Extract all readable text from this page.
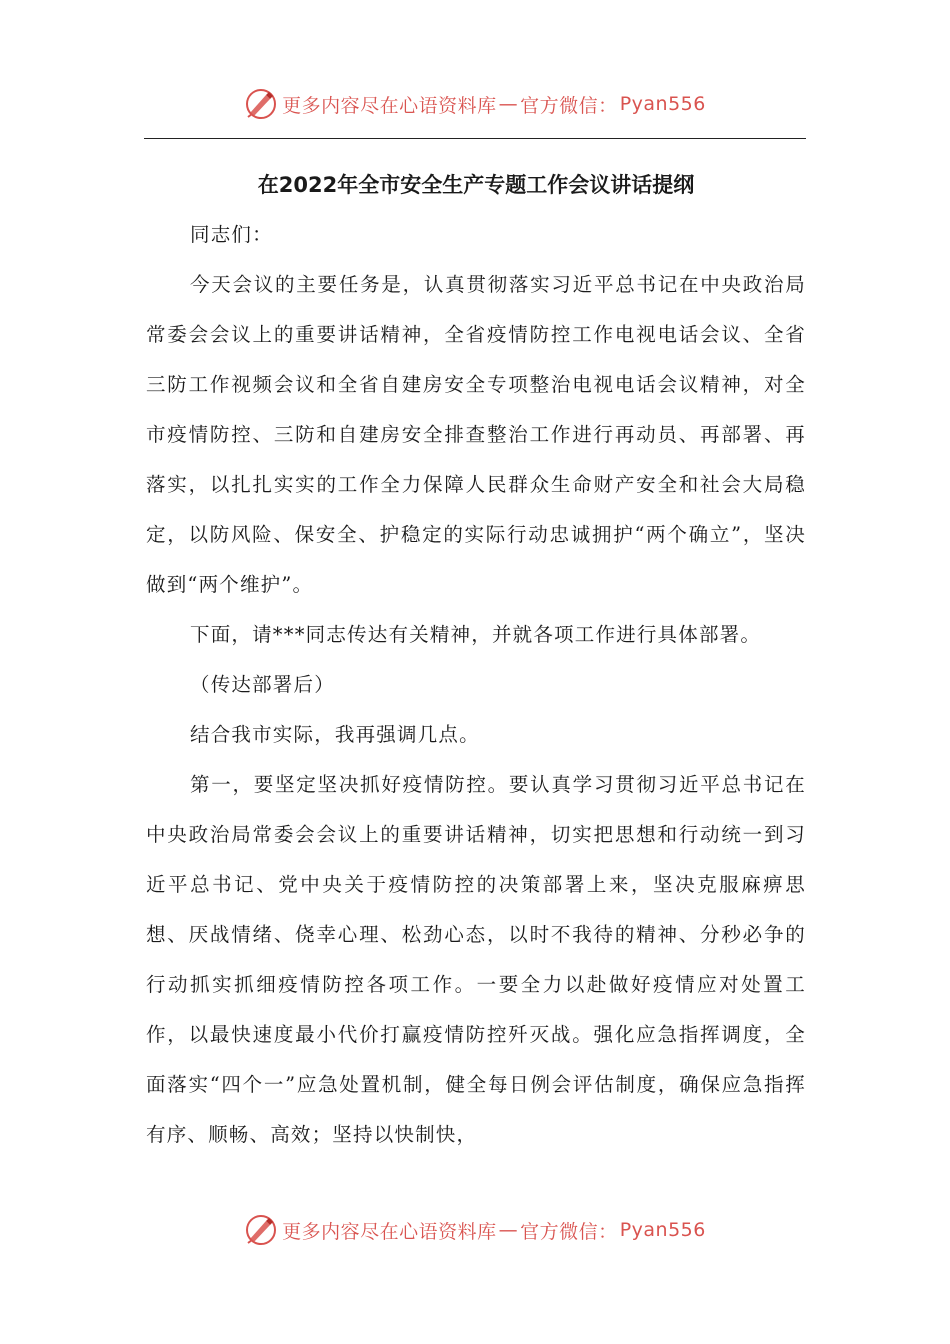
更多内容尽在心语资料库 — 官方微信： Pyan556
在2022年全市安全生产专题工作会议讲话提纲

同志们：

今天会议的主要任务是，认真贯彻落实习近平总书记在中央政治局常委会会议上的重要讲话精神，全省疫情防控工作电视电话会议、全省三防工作视频会议和全省自建房安全专项整治电视电话会议精神，对全市疫情防控、三防和自建房安全排查整治工作进行再动员、再部署、再落实，以扎扎实实的工作全力保障人民群众生命财产安全和社会大局稳定，以防风险、保安全、护稳定的实际行动忠诚拥护“两个确立”，坚决做到“两个维护”。

下面，请***同志传达有关精神，并就各项工作进行具体部署。

（传达部署后）

结合我市实际，我再强调几点。

第一，要坚定坚决抓好疫情防控。要认真学习贯彻习近平总书记在中央政治局常委会会议上的重要讲话精神，切实把思想和行动统一到习近平总书记、党中央关于疫情防控的决策部署上来，坚决克服麻痹思想、厌战情绪、侥幸心理、松劲心态，以时不我待的精神、分秒必争的行动抓实抓细疫情防控各项工作。一要全力以赴做好疫情应对处置工作，以最快速度最小代价打赢疫情防控歼灭战。强化应急指挥调度，全面落实“四个一”应急处置机制，健全每日例会评估制度，确保应急指挥有序、顺畅、高效；坚持以快制快，

更多内容尽在心语资料库 — 官方微信： Pyan556
